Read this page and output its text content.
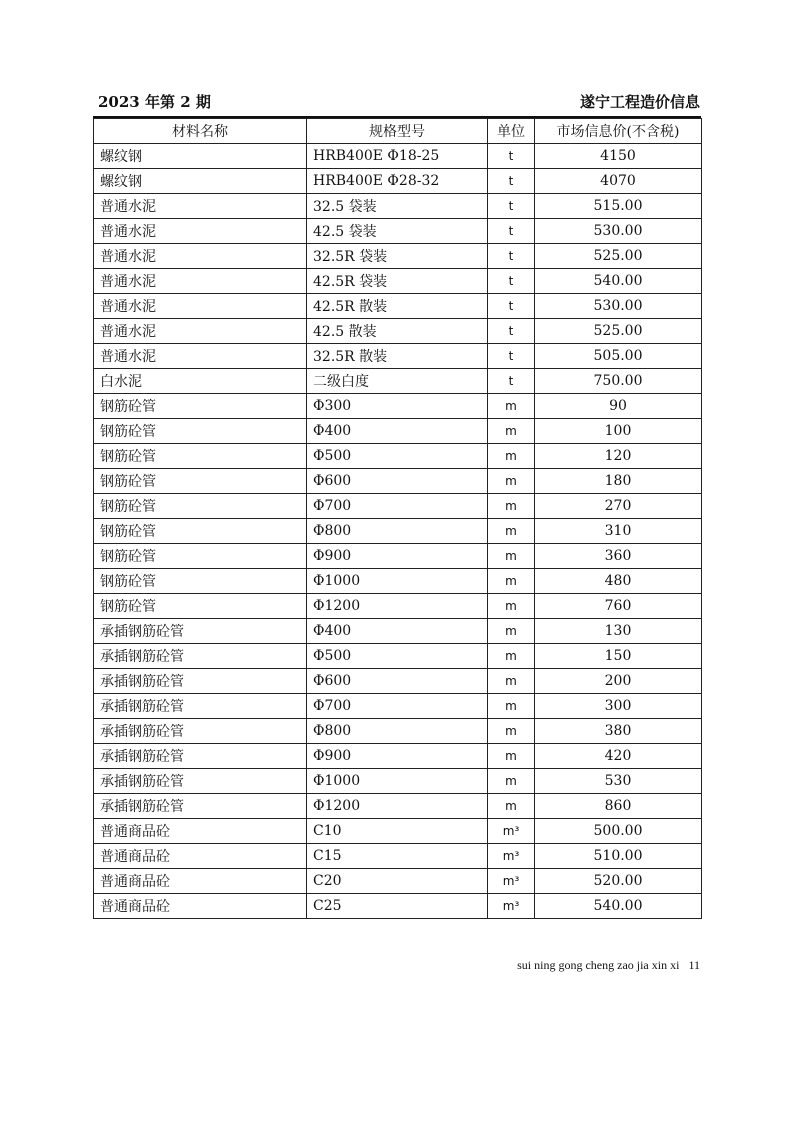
2023 年第 2 期	遂宁工程造价信息
材料名称	规格型号	单位	市场信息价(不含税)
螺纹钢	HRB400E Φ18-25	t	4150
螺纹钢	HRB400E Φ28-32	t	4070
普通水泥	32.5 袋装	t	515.00
普通水泥	42.5 袋装	t	530.00
普通水泥	32.5R 袋装	t	525.00
普通水泥	42.5R 袋装	t	540.00
普通水泥	42.5R 散装	t	530.00
普通水泥	42.5 散装	t	525.00
普通水泥	32.5R 散装	t	505.00
白水泥	二级白度	t	750.00
钢筋砼管	Φ300	m	90
钢筋砼管	Φ400	m	100
钢筋砼管	Φ500	m	120
钢筋砼管	Φ600	m	180
钢筋砼管	Φ700	m	270
钢筋砼管	Φ800	m	310
钢筋砼管	Φ900	m	360
钢筋砼管	Φ1000	m	480
钢筋砼管	Φ1200	m	760
承插钢筋砼管	Φ400	m	130
承插钢筋砼管	Φ500	m	150
承插钢筋砼管	Φ600	m	200
承插钢筋砼管	Φ700	m	300
承插钢筋砼管	Φ800	m	380
承插钢筋砼管	Φ900	m	420
承插钢筋砼管	Φ1000	m	530
承插钢筋砼管	Φ1200	m	860
普通商品砼	C10	m³	500.00
普通商品砼	C15	m³	510.00
普通商品砼	C20	m³	520.00
普通商品砼	C25	m³	540.00
sui ning gong cheng zao jia xin xi 11
